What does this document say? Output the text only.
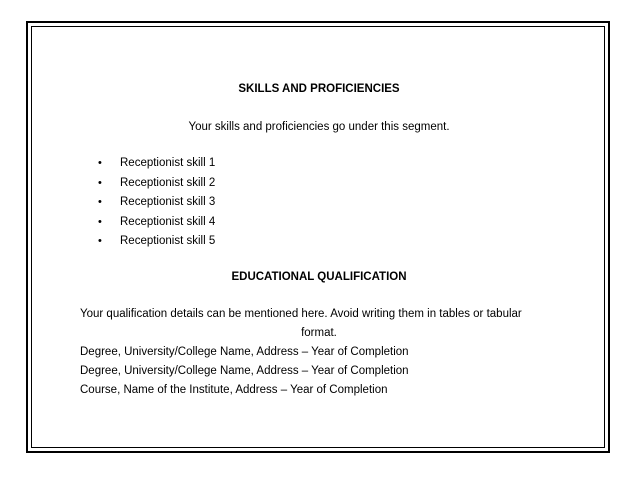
SKILLS AND PROFICIENCIES
Your skills and proficiencies go under this segment.
• Receptionist skill 1
• Receptionist skill 2
• Receptionist skill 3
• Receptionist skill 4
• Receptionist skill 5
EDUCATIONAL QUALIFICATION
Your qualification details can be mentioned here. Avoid writing them in tables or tabular
format.
Degree, University/College Name, Address – Year of Completion
Degree, University/College Name, Address – Year of Completion
Course, Name of the Institute, Address – Year of Completion
